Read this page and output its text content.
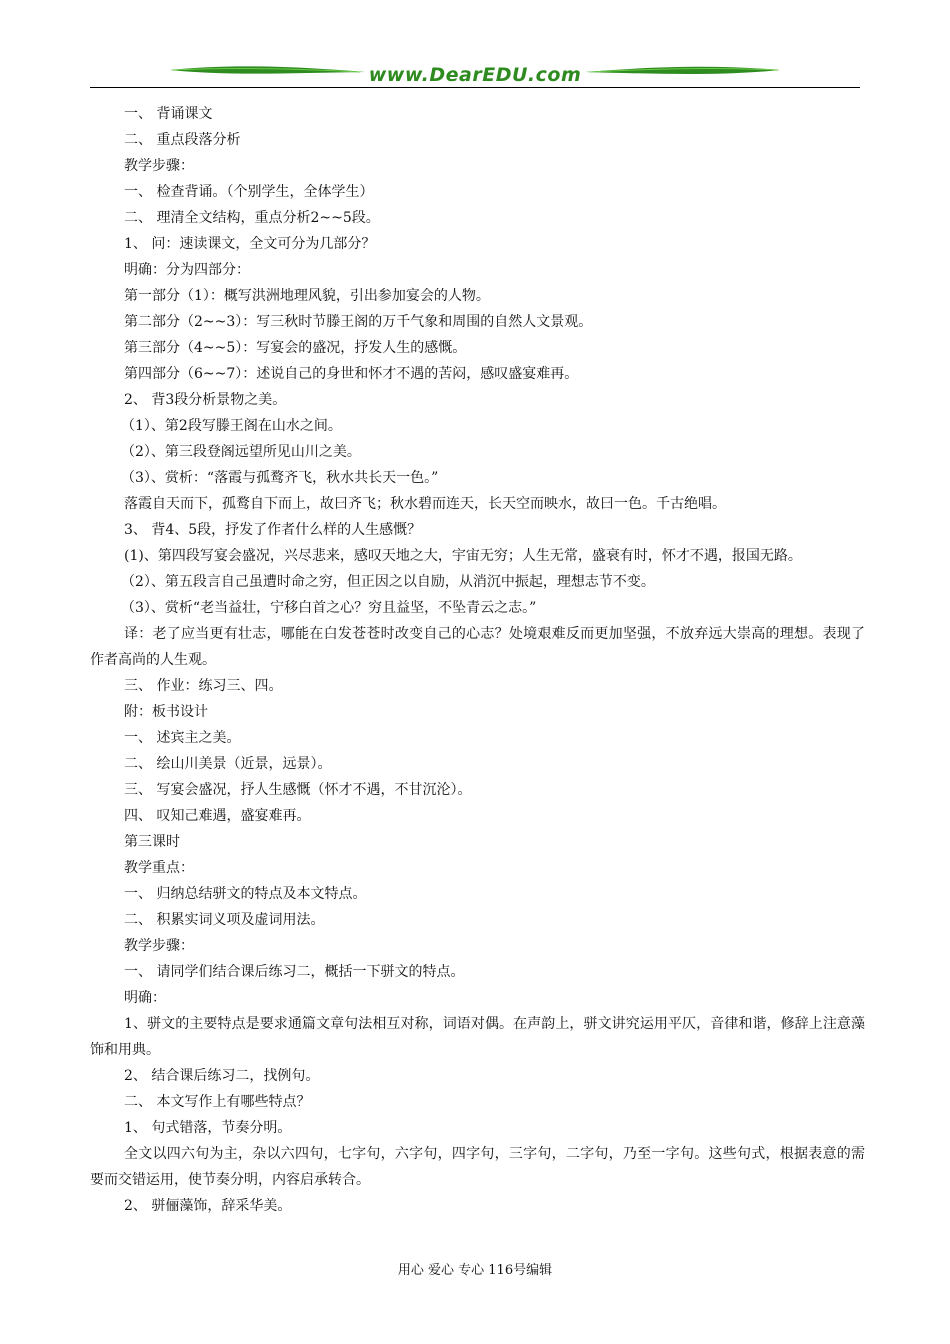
www.DearEDU.com
一、 背诵课文
二、 重点段落分析
教学步骤：
一、 检查背诵。（个别学生，全体学生）
二、 理清全文结构，重点分析2~~5段。
1、 问：速读课文，全文可分为几部分？
明确：分为四部分：
第一部分（1）：概写洪洲地理风貌，引出参加宴会的人物。
第二部分（2~~3）：写三秋时节滕王阁的万千气象和周围的自然人文景观。
第三部分（4~~5）：写宴会的盛况，抒发人生的感慨。
第四部分（6~~7）：述说自己的身世和怀才不遇的苦闷，感叹盛宴难再。
2、 背3段分析景物之美。
（1）、第2段写滕王阁在山水之间。
（2）、第三段登阁远望所见山川之美。
（3）、赏析：“落霞与孤鹜齐飞，秋水共长天一色。”
落霞自天而下，孤鹜自下而上，故曰齐飞；秋水碧而连天，长天空而映水，故曰一色。千古绝唱。
3、 背4、5段，抒发了作者什么样的人生感慨？
(1)、第四段写宴会盛况，兴尽悲来，感叹天地之大，宇宙无穷；人生无常，盛衰有时，怀才不遇，报国无路。
（2）、第五段言自己虽遭时命之穷，但正因之以自励，从消沉中振起，理想志节不变。
（3）、赏析“老当益壮，宁移白首之心？穷且益坚，不坠青云之志。”
译：老了应当更有壮志，哪能在白发苍苍时改变自己的心志？处境艰难反而更加坚强，不放弃远大崇高的理想。表现了作者高尚的人生观。
三、 作业：练习三、四。
附：板书设计
一、 述宾主之美。
二、 绘山川美景（近景，远景）。
三、 写宴会盛况，抒人生感慨（怀才不遇，不甘沉沦）。
四、 叹知己难遇，盛宴难再。
第三课时
教学重点：
一、 归纳总结骈文的特点及本文特点。
二、 积累实词义项及虚词用法。
教学步骤：
一、 请同学们结合课后练习二，概括一下骈文的特点。
明确：
1、骈文的主要特点是要求通篇文章句法相互对称，词语对偶。在声韵上，骈文讲究运用平仄，音律和谐，修辞上注意藻饰和用典。
2、 结合课后练习二，找例句。
二、 本文写作上有哪些特点？
1、 句式错落，节奏分明。
全文以四六句为主，杂以六四句，七字句，六字句，四字句，三字句，二字句，乃至一字句。这些句式，根据表意的需要而交错运用，使节奏分明，内容启承转合。
2、 骈俪藻饰，辞采华美。
用心 爱心 专心 116号编辑
